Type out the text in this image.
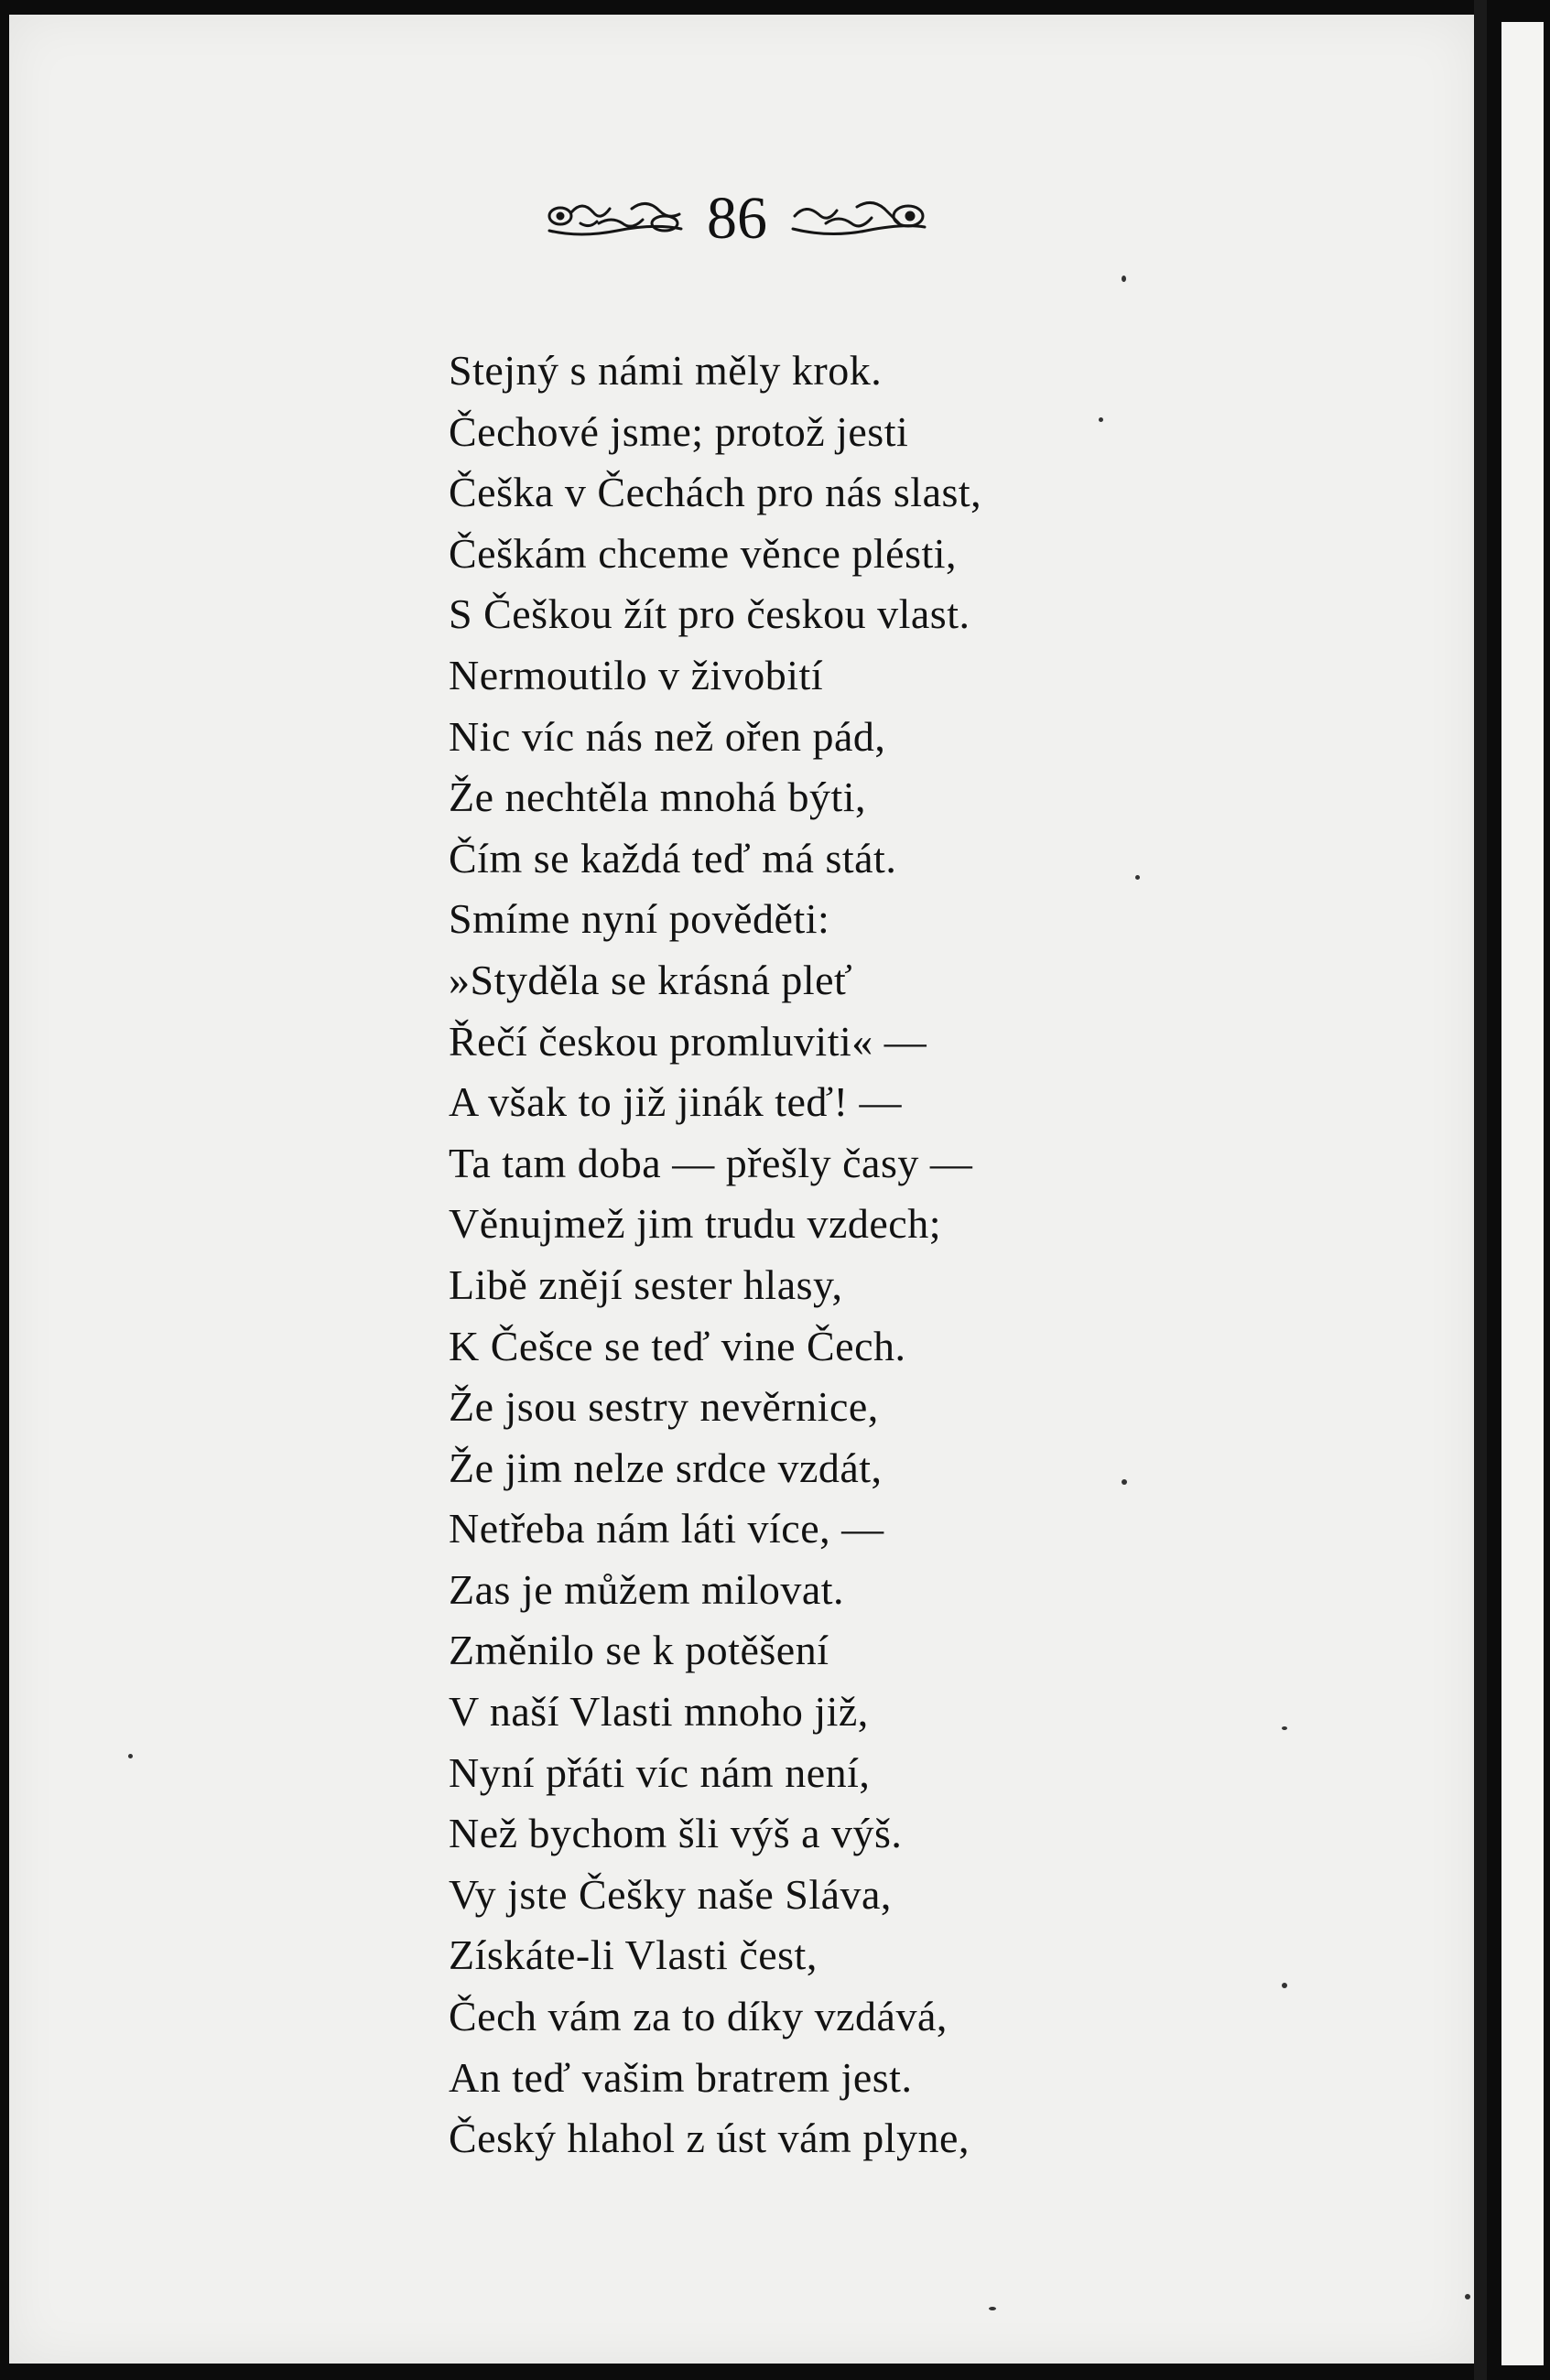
86
Stejný s námi měly krok.
Čechové jsme; protož jesti
Češka v Čechách pro nás slast,
Češkám chceme věnce plésti,
S Češkou žít pro českou vlast.
Nermoutilo v živobití
Nic víc nás než ořen pád,
Že nechtěla mnohá býti,
Čím se každá teď má stát.
Smíme nyní pověděti:
»Styděla se krásná pleť
Řečí českou promluviti« —
A však to již jinák teď! —
Ta tam doba — přešly časy —
Věnujmež jim trudu vzdech;
Libě znějí sester hlasy,
K Češce se teď vine Čech.
Že jsou sestry nevěrnice,
Že jim nelze srdce vzdát,
Netřeba nám láti více, —
Zas je můžem milovat.
Změnilo se k potěšení
V naší Vlasti mnoho již,
Nyní přáti víc nám není,
Než bychom šli výš a výš.
Vy jste Češky naše Sláva,
Získáte-li Vlasti čest,
Čech vám za to díky vzdává,
An teď vašim bratrem jest.
Český hlahol z úst vám plyne,
